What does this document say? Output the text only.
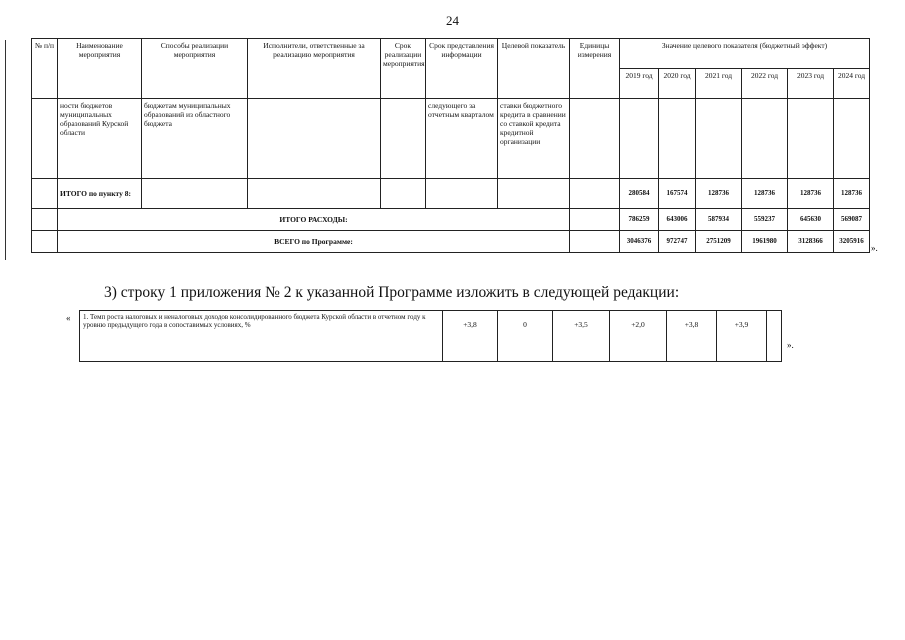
24
№ п/п	Наименование мероприятия	Способы реализации мероприятия	Исполнители, ответственные за реализацию мероприятия	Срок реализации мероприятия	Срок представления информации	Целевой показатель	Единицы измерения	Значение целевого показателя (бюджетный эффект)					
								2019 год	2020 год	2021 год	2022 год	2023 год	2024 год
	ности бюджетов муниципальных образований Курской области	бюджетам муниципальных образований из областного бюджета			следующего за отчетным кварталом	ставки бюджетного кредита в сравнении со ставкой кредита кредитной организации							
	ИТОГО по пункту 8:							280584	167574	128736	128736	128736	128736
	ИТОГО РАСХОДЫ:							786259	643006	587934	559237	645630	569087
	ВСЕГО по Программе:							3046376	972747	2751209	1961980	3128366	3205916
».
3) строку 1 приложения № 2 к указанной Программе изложить в следующей редакции:
« 1. Темп роста налоговых и неналоговых доходов консолидированного бюджета Курской области в отчетном году к уровню предыдущего года в сопоставимых условиях, %	+3,8	0	+3,5	+2,0	+3,8	+3,9	
».
